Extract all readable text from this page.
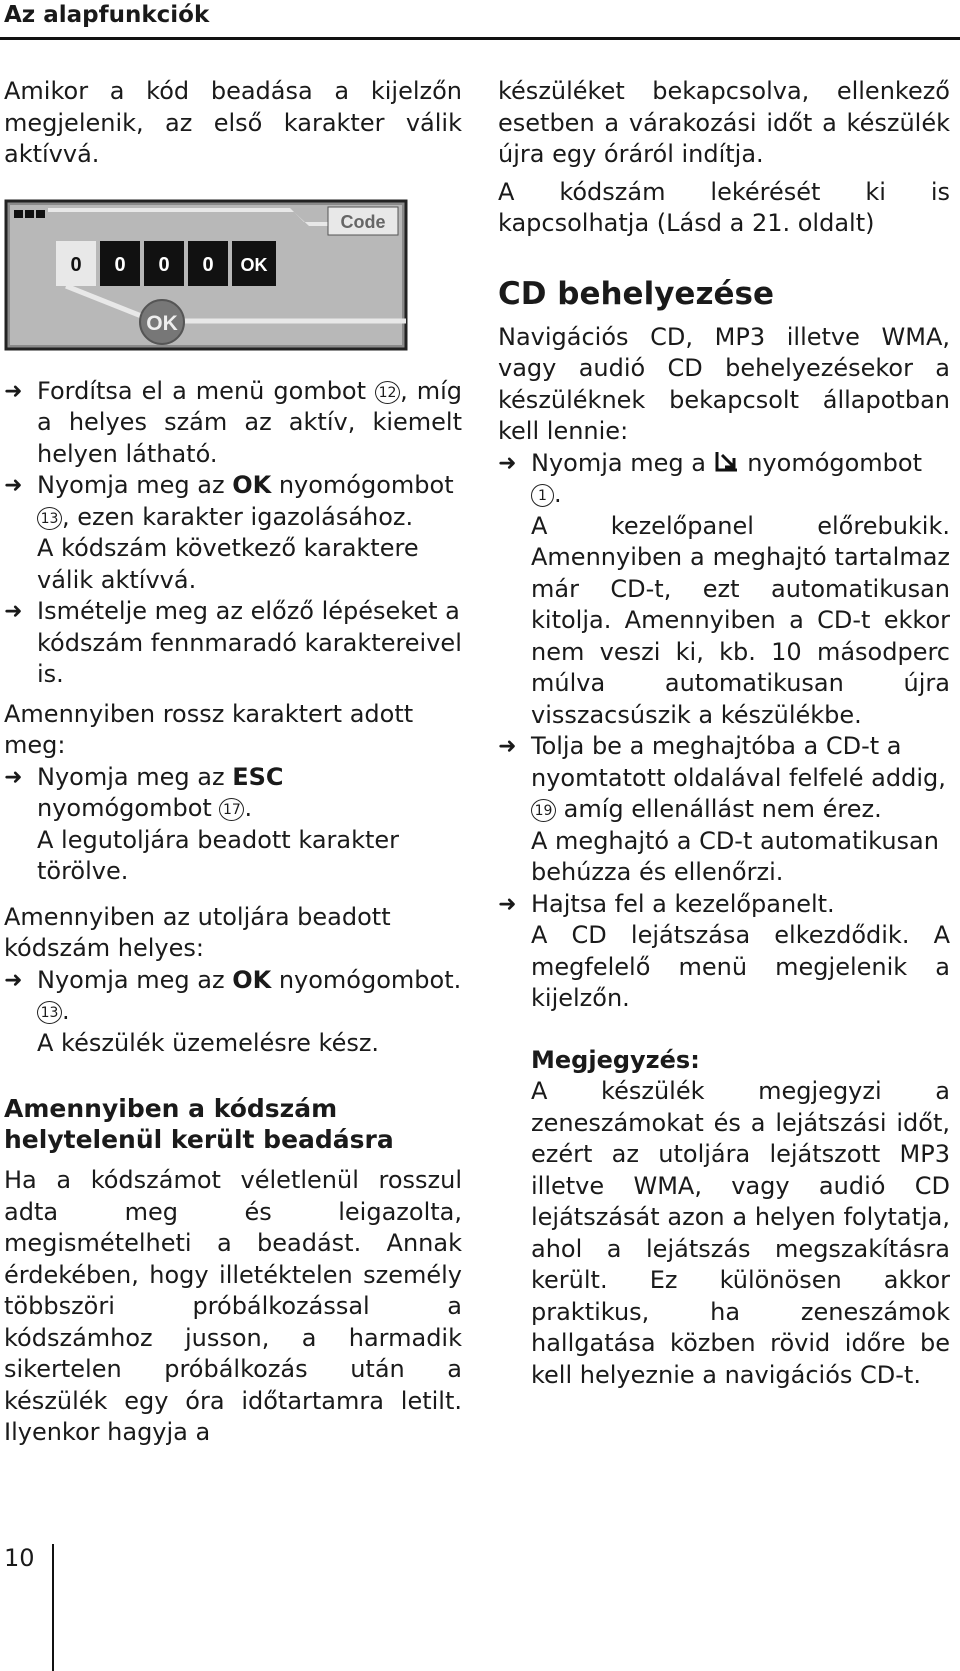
Az alapfunkciók

Amikor a kód beadása a kijelzőn megjelenik, az első karakter válik aktívvá.

Code
0 0 0 0 OK
OK

➜ Fordítsa el a menü gombot 12 , míg a helyes szám az aktív, kiemelt helyen látható.

➜ Nyomja meg az OK nyomógombot
13 , ezen karakter igazolásához.

A kódszám következő karaktere válik aktívvá.

➜ Ismételje meg az előző lépéseket a kódszám fennmaradó karaktereivel is.

Amennyiben rossz karaktert adott meg:

➜ Nyomja meg az ESC nyomógombot 17 .

A legutoljára beadott karakter törölve.

Amennyiben az utoljára beadott kódszám helyes:

➜ Nyomja meg az OK nyomógombot. 13 .

A készülék üzemelésre kész.

Amennyiben a kódszám
helytelenül került beadásra

Ha a kódszámot véletlenül rosszul adta meg és leigazolta, megismételheti a beadást. Annak érdekében, hogy illetéktelen személy többszöri próbálkozással a kódszámhoz jusson, a harmadik sikertelen próbálkozás után a készülék egy óra időtartamra letilt. Ilyenkor hagyja a

készüléket bekapcsolva, ellenkező esetben a várakozási időt a készülék újra egy óráról indítja.

A kódszám lekérését ki is kapcsolhatja (Lásd a 21. oldalt)

CD behelyezése

Navigációs CD, MP3 illetve WMA, vagy audió CD behelyezésekor a készüléknek bekapcsolt állapotban kell lennie:

➜ Nyomja meg a nyomógombot 1 .

A kezelőpanel előrebukik. Amennyiben a meghajtó tartalmaz már CD-t, ezt automatikusan kitolja. Amennyiben a CD-t ekkor nem veszi ki, kb. 10 másodperc múlva automatikusan újra visszacsúszik a készülékbe.

➜ Tolja be a meghajtóba a CD-t a nyomtatott oldalával felfelé addig, 19 amíg ellenállást nem érez.

A meghajtó a CD-t automatikusan behúzza és ellenőrzi.

➜ Hajtsa fel a kezelőpanelt.

A CD lejátszása elkezdődik. A megfelelő menü megjelenik a kijelzőn.

Megjegyzés:

A készülék megjegyzi a zeneszámokat és a lejátszási időt, ezért az utoljára lejátszott MP3 illetve WMA, vagy audió CD lejátszását azon a helyen folytatja, ahol a lejátszás megszakításra került. Ez különösen akkor praktikus, ha zeneszámok hallgatása közben rövid időre be kell helyeznie a navigációs CD-t.

10
